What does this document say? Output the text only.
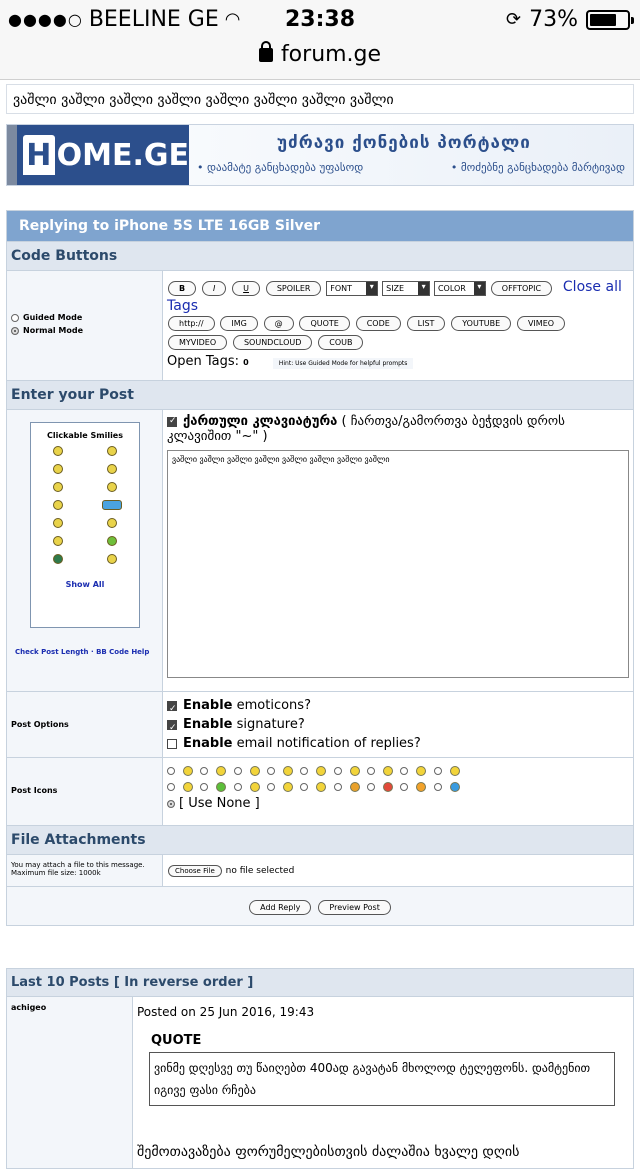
●●●●○ BEELINE GE ◠	23:38	⟳ 73%
forum.ge
ვაშლი ვაშლი ვაშლი ვაშლი ვაშლი ვაშლი ვაშლი ვაშლი
H OME.GE	უძრავი ქონების პორტალი
• დაამატე განცხადება უფასოდ	• მოძებნე განცხადება მარტივად
Replying to iPhone 5S LTE 16GB Silver
Code Buttons
Guided Mode
Normal Mode
B	I	U	SPOILER FONT ▾	SIZE ▾	COLOR ▾	OFFTOPIC Close all Tags
http://	IMG	@	QUOTE	CODE	LIST	YOUTUBE	VIMEO
MYVIDEO	SOUNDCLOUD	COUB
Open Tags: 0	Hint: Use Guided Mode for helpful prompts
Enter your Post
Clickable Smilies
Show All
Check Post Length · BB Code Help
✓ქართული კლავიატურა ( ჩართვა/გამორთვა ბეჭდვის დროს კლავიშით "~" )
ვაშლი ვაშლი ვაშლი ვაშლი ვაშლი ვაშლი ვაშლი ვაშლი
Post Options
✓Enable emoticons?
✓Enable signature?
Enable email notification of replies?
Post Icons
[ Use None ]
File Attachments
You may attach a file to this message.
Maximum file size: 1000k	Choose File no file selected
Add Reply	Preview Post
Last 10 Posts [ In reverse order ]
achigeo	Posted on 25 Jun 2016, 19:43
QUOTE
ვინმე დღესვე თუ წაიღებთ 400ად გავატან მხოლოდ ტელეფონს. დამტენით იგივე ფასი რჩება
შემოთავაზება ფორუმელებისთვის ძალაშია ხვალე დღის
